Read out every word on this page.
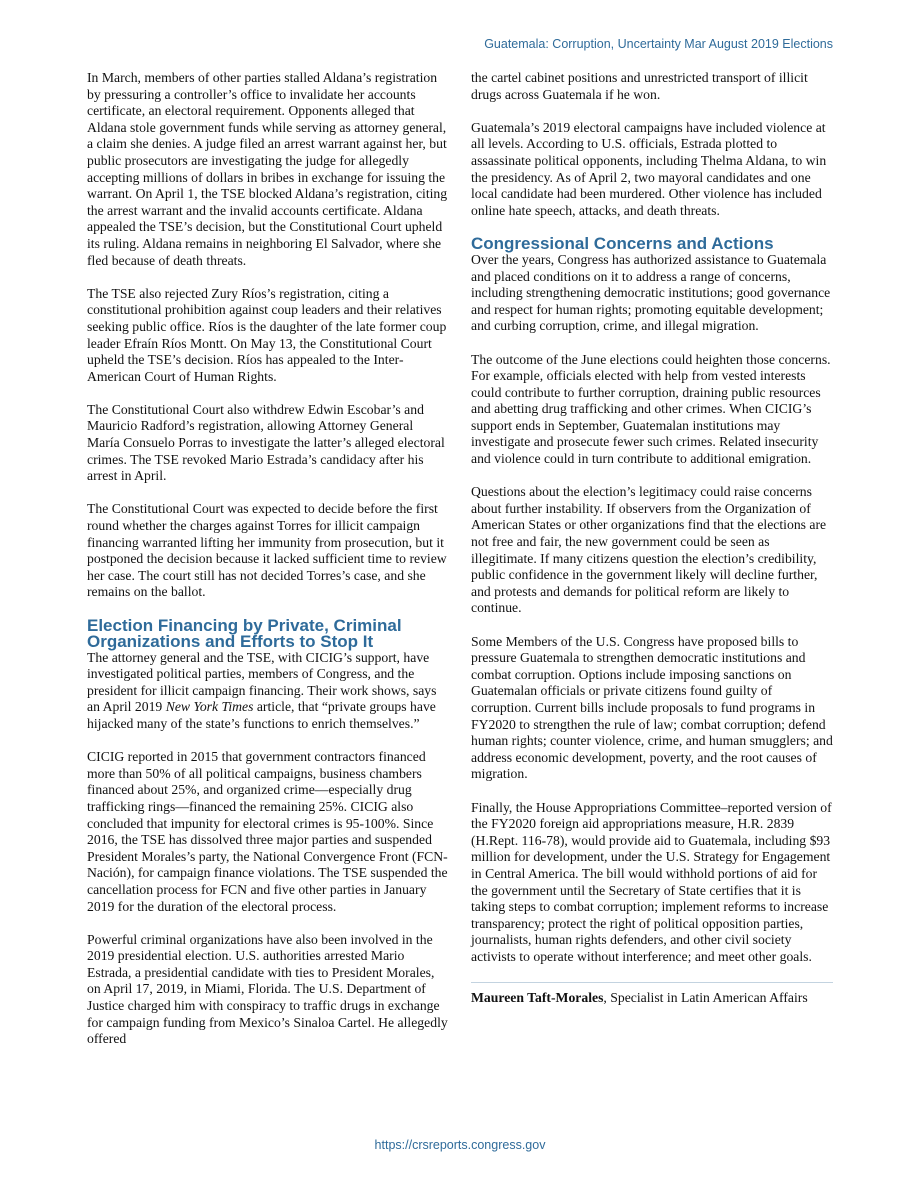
Guatemala: Corruption, Uncertainty Mar August 2019 Elections

In March, members of other parties stalled Aldana’s registration by pressuring a controller’s office to invalidate her accounts certificate, an electoral requirement. Opponents alleged that Aldana stole government funds while serving as attorney general, a claim she denies. A judge filed an arrest warrant against her, but public prosecutors are investigating the judge for allegedly accepting millions of dollars in bribes in exchange for issuing the warrant. On April 1, the TSE blocked Aldana’s registration, citing the arrest warrant and the invalid accounts certificate. Aldana appealed the TSE’s decision, but the Constitutional Court upheld its ruling. Aldana remains in neighboring El Salvador, where she fled because of death threats.

The TSE also rejected Zury Ríos’s registration, citing a constitutional prohibition against coup leaders and their relatives seeking public office. Ríos is the daughter of the late former coup leader Efraín Ríos Montt. On May 13, the Constitutional Court upheld the TSE’s decision. Ríos has appealed to the Inter-American Court of Human Rights.

The Constitutional Court also withdrew Edwin Escobar’s and Mauricio Radford’s registration, allowing Attorney General María Consuelo Porras to investigate the latter’s alleged electoral crimes. The TSE revoked Mario Estrada’s candidacy after his arrest in April.

The Constitutional Court was expected to decide before the first round whether the charges against Torres for illicit campaign financing warranted lifting her immunity from prosecution, but it postponed the decision because it lacked sufficient time to review her case. The court still has not decided Torres’s case, and she remains on the ballot.

Election Financing by Private, Criminal Organizations and Efforts to Stop It

The attorney general and the TSE, with CICIG’s support, have investigated political parties, members of Congress, and the president for illicit campaign financing. Their work shows, says an April 2019 New York Times article, that “private groups have hijacked many of the state’s functions to enrich themselves.”

CICIG reported in 2015 that government contractors financed more than 50% of all political campaigns, business chambers financed about 25%, and organized crime—especially drug trafficking rings—financed the remaining 25%. CICIG also concluded that impunity for electoral crimes is 95-100%. Since 2016, the TSE has dissolved three major parties and suspended President Morales’s party, the National Convergence Front (FCN-Nación), for campaign finance violations. The TSE suspended the cancellation process for FCN and five other parties in January 2019 for the duration of the electoral process.

Powerful criminal organizations have also been involved in the 2019 presidential election. U.S. authorities arrested Mario Estrada, a presidential candidate with ties to President Morales, on April 17, 2019, in Miami, Florida. The U.S. Department of Justice charged him with conspiracy to traffic drugs in exchange for campaign funding from Mexico’s Sinaloa Cartel. He allegedly offered

the cartel cabinet positions and unrestricted transport of illicit drugs across Guatemala if he won.

Guatemala’s 2019 electoral campaigns have included violence at all levels. According to U.S. officials, Estrada plotted to assassinate political opponents, including Thelma Aldana, to win the presidency. As of April 2, two mayoral candidates and one local candidate had been murdered. Other violence has included online hate speech, attacks, and death threats.

Congressional Concerns and Actions

Over the years, Congress has authorized assistance to Guatemala and placed conditions on it to address a range of concerns, including strengthening democratic institutions; good governance and respect for human rights; promoting equitable development; and curbing corruption, crime, and illegal migration.

The outcome of the June elections could heighten those concerns. For example, officials elected with help from vested interests could contribute to further corruption, draining public resources and abetting drug trafficking and other crimes. When CICIG’s support ends in September, Guatemalan institutions may investigate and prosecute fewer such crimes. Related insecurity and violence could in turn contribute to additional emigration.

Questions about the election’s legitimacy could raise concerns about further instability. If observers from the Organization of American States or other organizations find that the elections are not free and fair, the new government could be seen as illegitimate. If many citizens question the election’s credibility, public confidence in the government likely will decline further, and protests and demands for political reform are likely to continue.

Some Members of the U.S. Congress have proposed bills to pressure Guatemala to strengthen democratic institutions and combat corruption. Options include imposing sanctions on Guatemalan officials or private citizens found guilty of corruption. Current bills include proposals to fund programs in FY2020 to strengthen the rule of law; combat corruption; defend human rights; counter violence, crime, and human smugglers; and address economic development, poverty, and the root causes of migration.

Finally, the House Appropriations Committee–reported version of the FY2020 foreign aid appropriations measure, H.R. 2839 (H.Rept. 116-78), would provide aid to Guatemala, including $93 million for development, under the U.S. Strategy for Engagement in Central America. The bill would withhold portions of aid for the government until the Secretary of State certifies that it is taking steps to combat corruption; implement reforms to increase transparency; protect the right of political opposition parties, journalists, human rights defenders, and other civil society activists to operate without interference; and meet other goals.

Maureen Taft-Morales, Specialist in Latin American Affairs

https://crsreports.congress.gov
